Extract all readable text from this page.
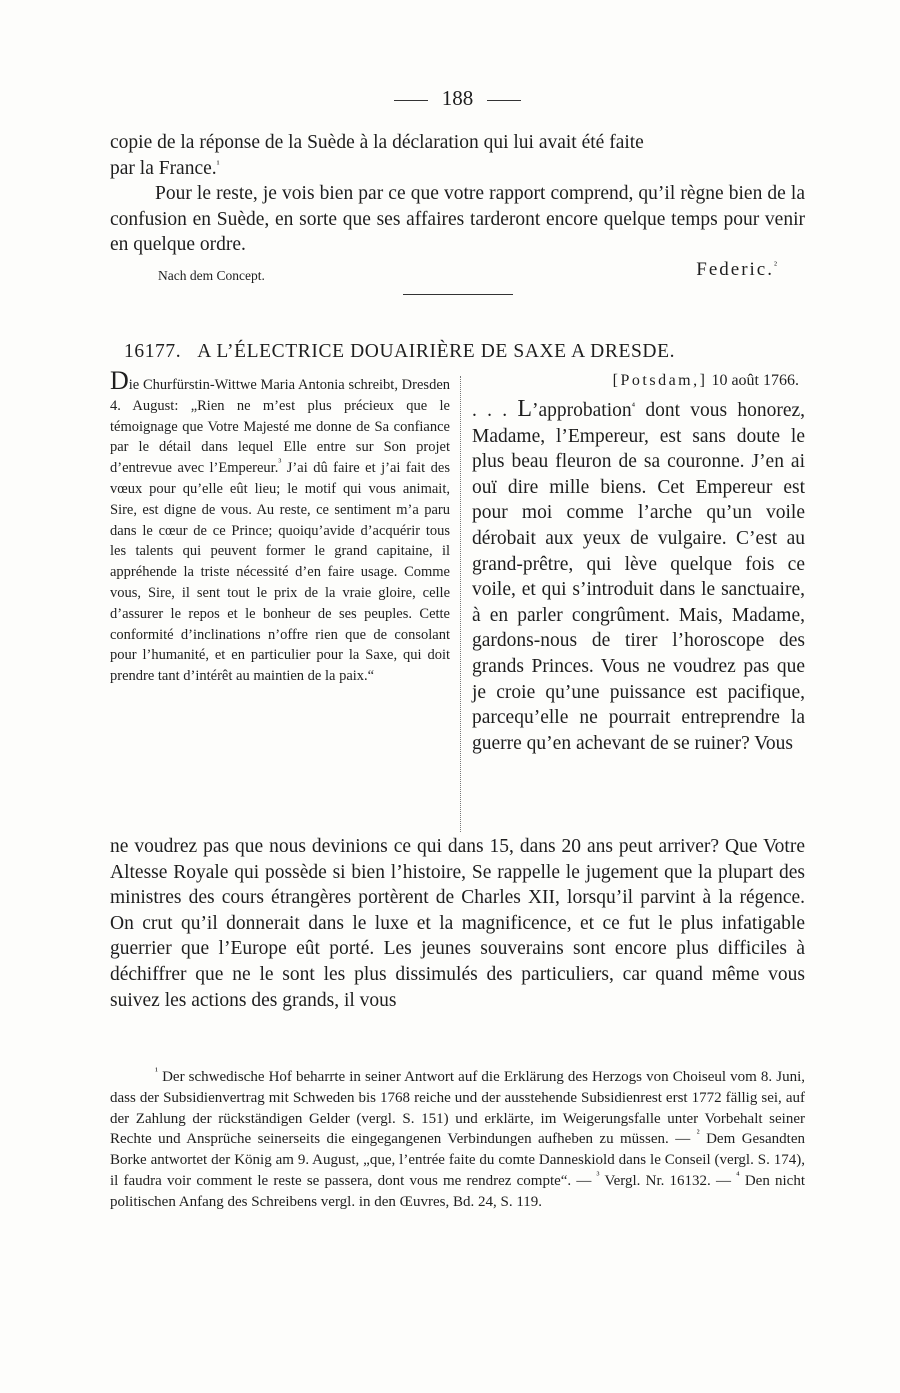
188
copie de la réponse de la Suède à la déclaration qui lui avait été faite
par la France.$^{^1}$
Pour le reste, je vois bien par ce que votre rapport comprend, qu’il règne bien de la confusion en Suède, en sorte que ses affaires tarderont encore quelque temps pour venir en quelque ordre.
Nach dem Concept.	Federic.$^{^2}$
16177. A L’ÉLECTRICE DOUAIRIÈRE DE SAXE A DRESDE.

Die Churfürstin-Wittwe Maria Antonia schreibt, Dresden 4. August: „Rien ne m’est plus précieux que le témoignage que Votre Majesté me donne de Sa confiance par le détail dans lequel Elle entre sur Son projet d’entrevue avec l’Empereur.$^{^3}$ J’ai dû faire et j’ai fait des vœux pour qu’elle eût lieu; le motif qui vous animait, Sire, est digne de vous. Au reste, ce sentiment m’a paru dans le cœur de ce Prince; quoiqu’avide d’acquérir tous les talents qui peuvent former le grand capitaine, il appréhende la triste nécessité d’en faire usage. Comme vous, Sire, il sent tout le prix de la vraie gloire, celle d’assurer le repos et le bonheur de ses peuples. Cette conformité d’inclinations n’offre rien que de consolant pour l’humanité, et en particulier pour la Saxe, qui doit prendre tant d’intérêt au maintien de la paix.“

[Potsdam,] 10 août 1766.

. . . L’approbation$^{^4}$ dont vous honorez, Madame, l’Empereur, est sans doute le plus beau fleuron de sa couronne. J’en ai ouï dire mille biens. Cet Empereur est pour moi comme l’arche qu’un voile dérobait aux yeux de vulgaire. C’est au grand-prêtre, qui lève quelque fois ce voile, et qui s’introduit dans le sanctuaire, à en parler congrûment. Mais, Madame, gardons-nous de tirer l’horoscope des grands Princes. Vous ne voudrez pas que je croie qu’une puissance est pacifique, parcequ’elle ne pourrait entreprendre la guerre qu’en achevant de se ruiner? Vous

ne voudrez pas que nous devinions ce qui dans 15, dans 20 ans peut arriver? Que Votre Altesse Royale qui possède si bien l’histoire, Se rappelle le jugement que la plupart des ministres des cours étrangères portèrent de Charles XII, lorsqu’il parvint à la régence. On crut qu’il donnerait dans le luxe et la magnificence, et ce fut le plus infatigable guerrier que l’Europe eût porté. Les jeunes souverains sont encore plus difficiles à déchiffrer que ne le sont les plus dissimulés des particuliers, car quand même vous suivez les actions des grands, il vous

$^{^1}$ Der schwedische Hof beharrte in seiner Antwort auf die Erklärung des Herzogs von Choiseul vom 8. Juni, dass der Subsidienvertrag mit Schweden bis 1768 reiche und der ausstehende Subsidienrest erst 1772 fällig sei, auf der Zahlung der rückständigen Gelder (vergl. S. 151) und erklärte, im Weigerungsfalle unter Vorbehalt seiner Rechte und Ansprüche seinerseits die eingegangenen Verbindungen aufheben zu müssen. — $^{^2}$ Dem Gesandten Borke antwortet der König am 9. August, „que, l’entrée faite du comte Danneskiold dans le Conseil (vergl. S. 174), il faudra voir comment le reste se passera, dont vous me rendrez compte“. — $^{^3}$ Vergl. Nr. 16132. — $^{^4}$ Den nicht politischen Anfang des Schreibens vergl. in den Œuvres, Bd. 24, S. 119.
